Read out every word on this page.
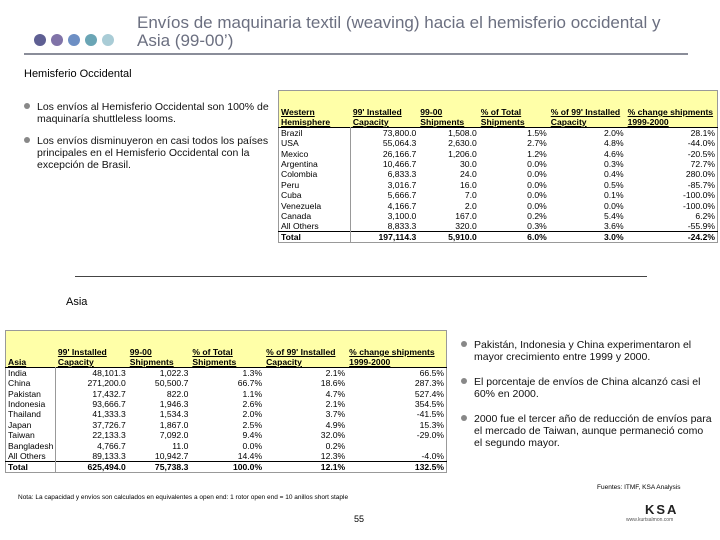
Envíos de maquinaria textil (weaving) hacia el hemisferio occidental y Asia (99-00’)
Hemisferio Occidental
Los envíos al Hemisferio Occidental son 100% de maquinaría shuttleless looms.
Los envíos disminuyeron en casi todos los países principales en el Hemisferio Occidental con la excepción de Brasil.
Western Hemisphere	99' Installed Capacity	99-00 Shipments	% of Total Shipments	% of 99' Installed Capacity	% change shipments 1999-2000
Brazil	73,800.0	1,508.0	1.5%	2.0%	28.1%
USA	55,064.3	2,630.0	2.7%	4.8%	-44.0%
Mexico	26,166.7	1,206.0	1.2%	4.6%	-20.5%
Argentina	10,466.7	30.0	0.0%	0.3%	72.7%
Colombia	6,833.3	24.0	0.0%	0.4%	280.0%
Peru	3,016.7	16.0	0.0%	0.5%	-85.7%
Cuba	5,666.7	7.0	0.0%	0.1%	-100.0%
Venezuela	4,166.7	2.0	0.0%	0.0%	-100.0%
Canada	3,100.0	167.0	0.2%	5.4%	6.2%
All Others	8,833.3	320.0	0.3%	3.6%	-55.9%
Total	197,114.3	5,910.0	6.0%	3.0%	-24.2%
Asia
Asia	99' Installed Capacity	99-00 Shipments	% of Total Shipments	% of 99' Installed Capacity	% change shipments 1999-2000
India	48,101.3	1,022.3	1.3%	2.1%	66.5%
China	271,200.0	50,500.7	66.7%	18.6%	287.3%
Pakistan	17,432.7	822.0	1.1%	4.7%	527.4%
Indonesia	93,666.7	1,946.3	2.6%	2.1%	354.5%
Thailand	41,333.3	1,534.3	2.0%	3.7%	-41.5%
Japan	37,726.7	1,867.0	2.5%	4.9%	15.3%
Taiwan	22,133.3	7,092.0	9.4%	32.0%	-29.0%
Bangladesh	4,766.7	11.0	0.0%	0.2%	
All Others	89,133.3	10,942.7	14.4%	12.3%	-4.0%
Total	625,494.0	75,738.3	100.0%	12.1%	132.5%
Pakistán, Indonesia y China experimentaron el mayor crecimiento entre 1999 y 2000.
El porcentaje de envíos de China alcanzó casi el 60% en 2000.
2000 fue el tercer año de reducción de envíos para el mercado de Taiwan, aunque permaneció como el segundo mayor.
Nota: La capacidad y envíos son calculados en equivalentes a open end: 1 rotor open end = 10 anillos short staple
Fuentes: ITMF, KSA Analysis
55
KSA
www.kurtsalmon.com
